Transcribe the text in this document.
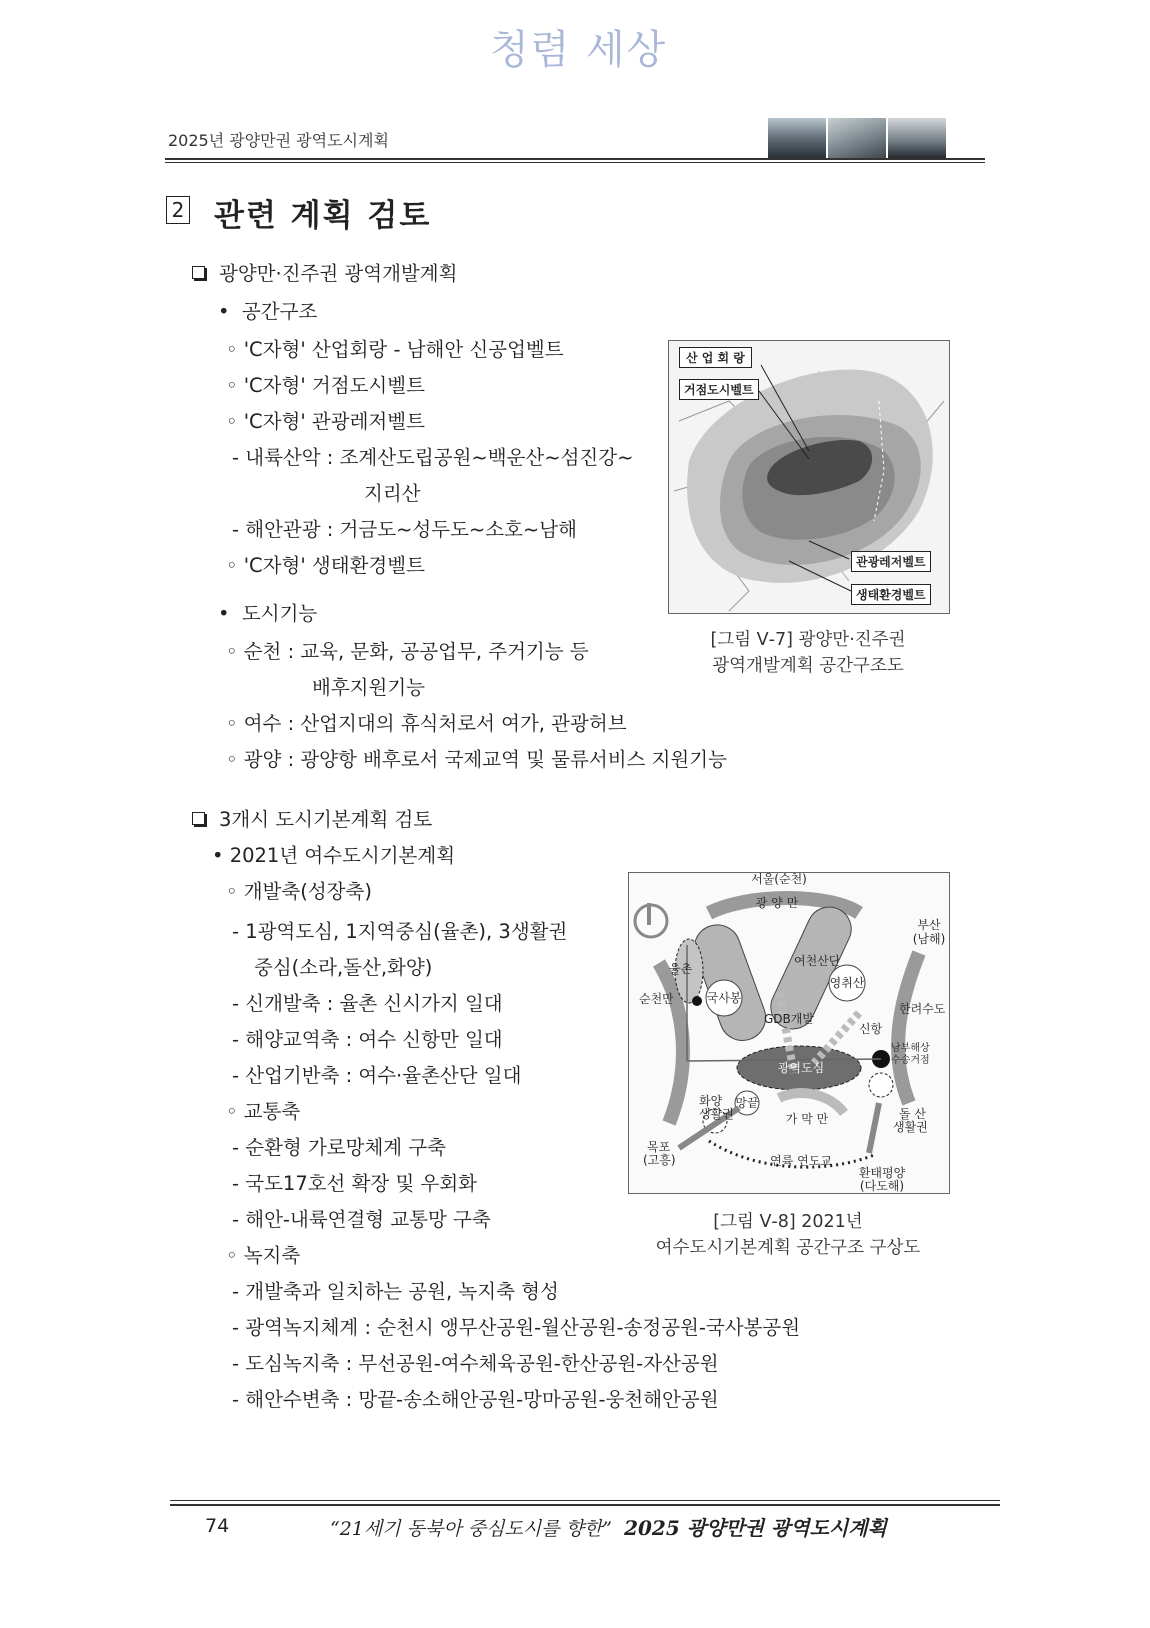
청렴 세상
2025년 광양만권 광역도시계획
2 관련 계획 검토
광양만·진주권 광역개발계획
•  공간구조
◦ 'C자형' 산업회랑 - 남해안 신공업벨트
◦ 'C자형' 거점도시벨트
◦ 'C자형' 관광레저벨트
- 내륙산악 : 조계산도립공원~백운산~섬진강~
지리산
- 해안관광 : 거금도~성두도~소호~남해
◦ 'C자형' 생태환경벨트
•  도시기능
◦ 순천 : 교육, 문화, 공공업무, 주거기능 등
배후지원기능
◦ 여수 : 산업지대의 휴식처로서 여가, 관광허브
◦ 광양 : 광양항 배후로서 국제교역 및 물류서비스 지원기능
산 업 회 랑
거점도시벨트
관광레저벨트
생태환경벨트
[그림 Ⅴ-7] 광양만·진주권
광역개발계획 공간구조도
3개시 도시기본계획 검토
• 2021년 여수도시기본계획
◦ 개발축(성장축)
- 1광역도심, 1지역중심(율촌), 3생활권
중심(소라,돌산,화양)
- 신개발축 : 율촌 신시가지 일대
- 해양교역축 : 여수 신항만 일대
- 산업기반축 : 여수·율촌산단 일대
◦ 교통축
- 순환형 가로망체계 구축
- 국도17호선 확장 및 우회화
- 해안-내륙연결형 교통망 구축
◦ 녹지축
- 개발축과 일치하는 공원, 녹지축 형성
- 광역녹지체계 : 순천시 앵무산공원-월산공원-송정공원-국사봉공원
- 도심녹지축 : 무선공원-여수체육공원-한산공원-자산공원
- 해안수변축 : 망끝-송소해안공원-망마공원-웅천해안공원
서울(순천)
광 양 만
부산
(남해)
순천만
율촌
여천산단
영취산
국사봉
한려수도
GDB개발
광역도심
신항
화양
생활권
망끝
가 막 만	돌 산
생활권
목포
(고흥)	연륙 연도교
환태평양
(다도해)
남부해상
수송거점
[그림 Ⅴ-8] 2021년
여수도시기본계획 공간구조 구상도
74	“21세기 동북아 중심도시를 향한” 2025 광양만권 광역도시계획
